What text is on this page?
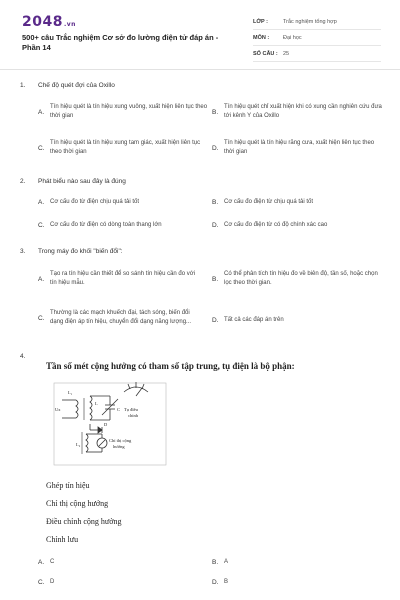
2048.vn
500+ câu Trắc nghiệm Cơ sở đo lường điện tử đáp án - Phần 14
LỚP :	Trắc nghiệm tổng hợp
MÔN :	Đại học
SỐ CÂU : 25
1. Chế độ quét đợi của Oxillo
A.
Tín hiệu quét là tín hiệu xung vuông, xuất hiện liên tục theo thời gian
B.
Tín hiệu quét chỉ xuất hiện khi có xung cần nghiên cứu đưa tới kênh Y của Oxillo
C.
Tín hiệu quét là tín hiệu xung tam giác, xuất hiện liên tục theo thời gian
D.
Tín hiệu quét là tín hiệu răng cưa, xuất hiện liên tục theo thời gian
2. Phát biểu nào sau đây là đúng
A. Cơ cấu đo từ điện chịu quá tải tốt	B. Cơ cấu đo điện từ chịu quá tải tốt
C. Cơ cấu đo từ điện có dòng toàn thang lớn	D. Cơ cấu đo điện từ có độ chính xác cao
3. Trong máy đo khối "biến đổi":
A.
Tạo ra tín hiệu cần thiết để so sánh tín hiệu cần đo với tín hiệu mẫu.
B.
Có thể phân tích tín hiệu đo về biên độ, tần số, hoặc chọn lọc theo thời gian.
C.
Thường là các mạch khuếch đại, tách sóng, biến đổi dạng điện áp tín hiệu, chuyển đổi dạng năng lượng...	D. Tất cả các đáp án trên
4.
Tần số mét cộng hưởng có tham số tập trung, tụ điện là bộ phận:
Ux
L₁
L
C Tụ điều
chỉnh
D
L₂
Chỉ thị cộng
hưởng
Ghép tín hiệu
Chỉ thị cộng hưởng
Điều chỉnh cộng hưởng
Chỉnh lưu
A. C	B. A
C. D	D. B
